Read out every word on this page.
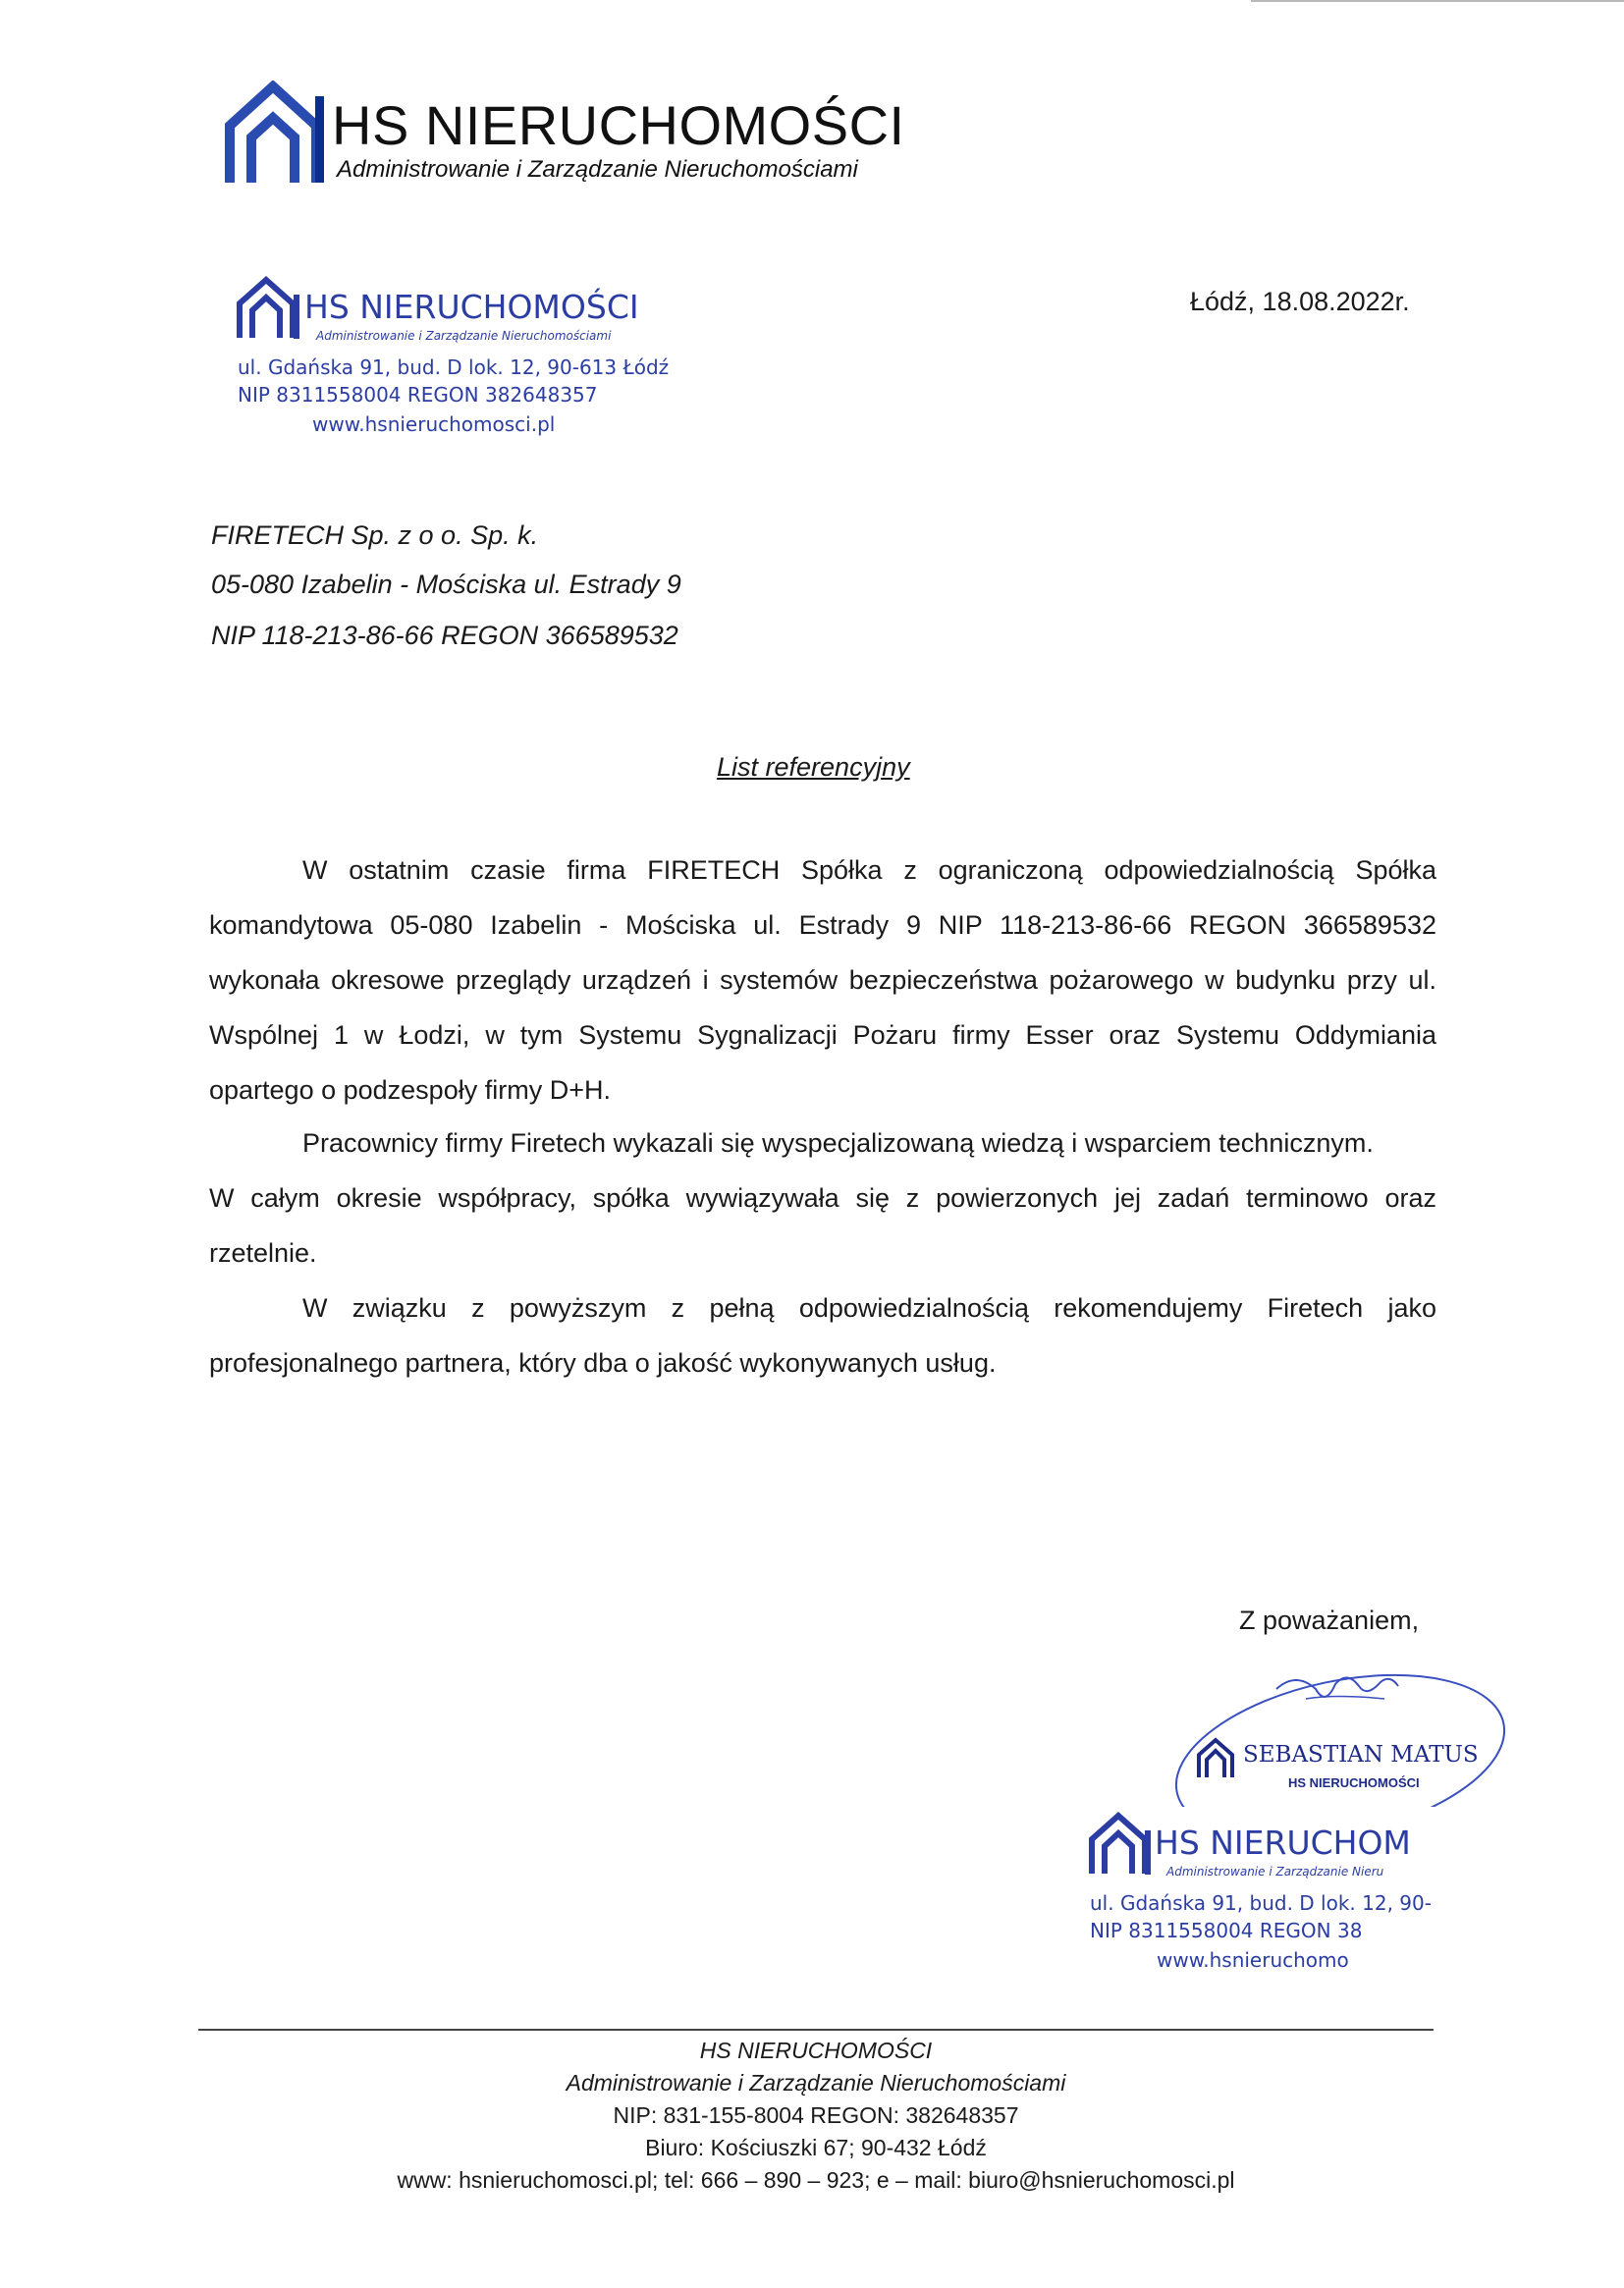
HS NIERUCHOMOŚCI
Administrowanie i Zarządzanie Nieruchomościami
HS NIERUCHOMOŚCI
Administrowanie i Zarządzanie Nieruchomościami
ul. Gdańska 91, bud. D lok. 12, 90-613 Łódź
NIP 8311558004 REGON 382648357
www.hsnieruchomosci.pl
Łódź, 18.08.2022r.
FIRETECH Sp. z o o. Sp. k.
05-080 Izabelin - Mościska ul. Estrady 9
NIP 118-213-86-66 REGON 366589532
List referencyjny

W ostatnim czasie firma FIRETECH Spółka z ograniczoną odpowiedzialnością Spółka komandytowa 05-080 Izabelin - Mościska ul. Estrady 9 NIP 118-213-86-66 REGON 366589532 wykonała okresowe przeglądy urządzeń i systemów bezpieczeństwa pożarowego w budynku przy ul. Wspólnej 1 w Łodzi, w tym Systemu Sygnalizacji Pożaru firmy Esser oraz Systemu Oddymiania opartego o podzespoły firmy D+H.

Pracownicy firmy Firetech wykazali się wyspecjalizowaną wiedzą i wsparciem technicznym.

W całym okresie współpracy, spółka wywiązywała się z powierzonych jej zadań terminowo oraz rzetelnie.

W związku z powyższym z pełną odpowiedzialnością rekomendujemy Firetech jako profesjonalnego partnera, który dba o jakość wykonywanych usług.

Z poważaniem,
SEBASTIAN MATUS
HS NIERUCHOMOŚCI
HS NIERUCHOM
Administrowanie i Zarządzanie Nieru
ul. Gdańska 91, bud. D lok. 12, 90-
NIP 8311558004 REGON 38
www.hsnieruchomo
HS NIERUCHOMOŚCI
Administrowanie i Zarządzanie Nieruchomościami
NIP: 831-155-8004 REGON: 382648357
Biuro: Kościuszki 67; 90-432 Łódź
www: hsnieruchomosci.pl; tel: 666 – 890 – 923; e – mail: biuro@hsnieruchomosci.pl
